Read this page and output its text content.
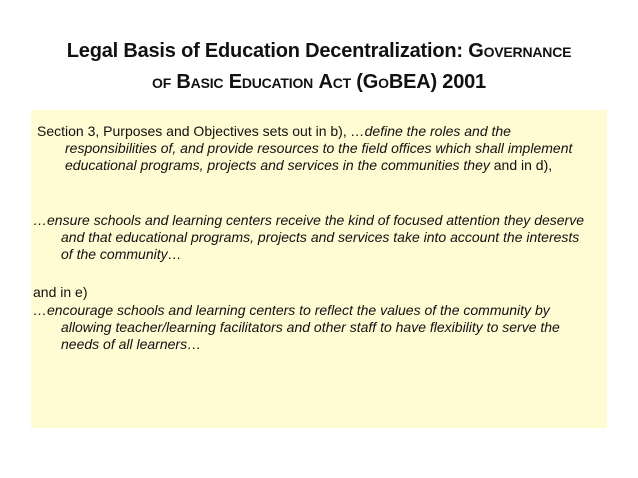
Legal Basis of Education Decentralization: Governance
of Basic Education Act (GoBEA) 2001
Section 3, Purposes and Objectives sets out in b), …define the roles and the responsibilities of, and provide resources to the field offices which shall implement educational programs, projects and services in the communities they and in d),
…ensure schools and learning centers receive the kind of focused attention they deserve and that educational programs, projects and services take into account the interests of the community…
and in e)
…encourage schools and learning centers to reflect the values of the community by allowing teacher/learning facilitators and other staff to have flexibility to serve the needs of all learners…
